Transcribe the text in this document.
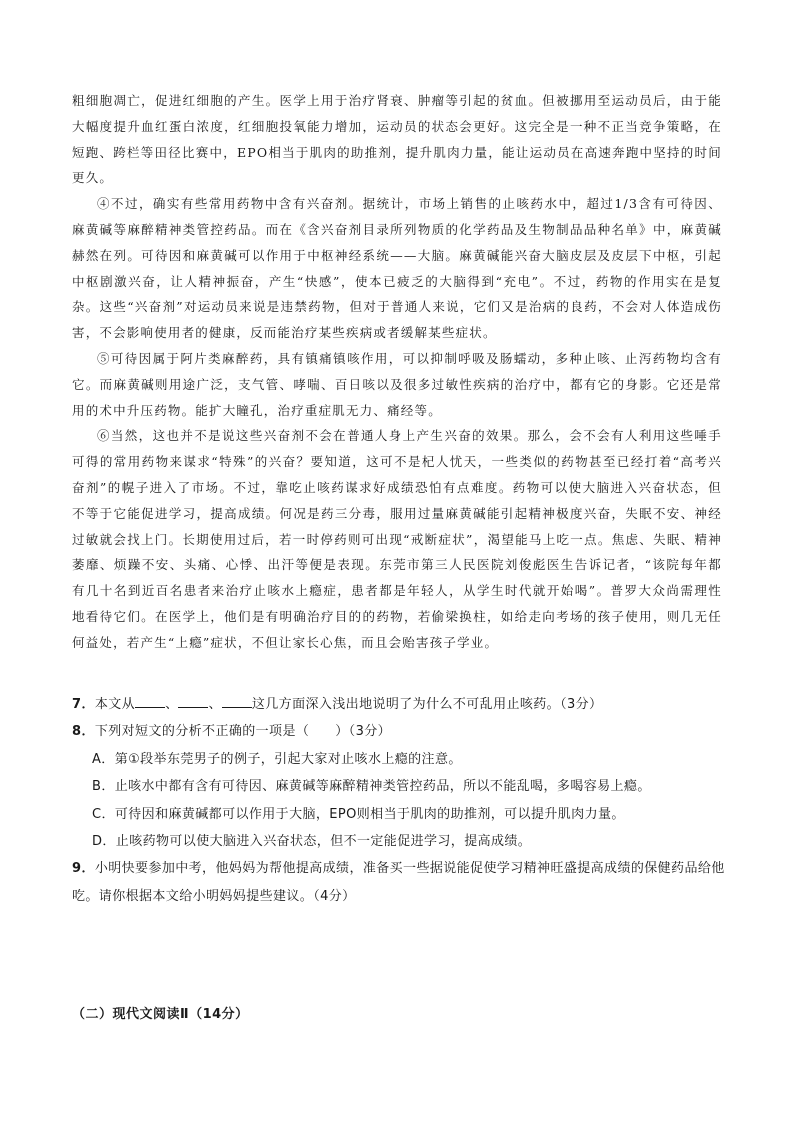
粗细胞凋亡，促进红细胞的产生。医学上用于治疗肾衰、肿瘤等引起的贫血。但被挪用至运动员后，由于能大幅度提升血红蛋白浓度，红细胞投氧能力增加，运动员的状态会更好。这完全是一种不正当竞争策略，在短跑、跨栏等田径比赛中，EPO相当于肌肉的助推剂，提升肌肉力量，能让运动员在高速奔跑中坚持的时间更久。

④不过，确实有些常用药物中含有兴奋剂。据统计，市场上销售的止咳药水中，超过1/3含有可待因、麻黄碱等麻醉精神类管控药品。而在《含兴奋剂目录所列物质的化学药品及生物制品品种名单》中，麻黄碱赫然在列。可待因和麻黄碱可以作用于中枢神经系统——大脑。麻黄碱能兴奋大脑皮层及皮层下中枢，引起中枢剧激兴奋，让人精神振奋，产生“快感”，使本已疲乏的大脑得到“充电”。不过，药物的作用实在是复杂。这些“兴奋剂”对运动员来说是违禁药物，但对于普通人来说，它们又是治病的良药，不会对人体造成伤害，不会影响使用者的健康，反而能治疗某些疾病或者缓解某些症状。

⑤可待因属于阿片类麻醉药，具有镇痛镇咳作用，可以抑制呼吸及肠蠕动，多种止咳、止泻药物均含有它。而麻黄碱则用途广泛，支气管、哮喘、百日咳以及很多过敏性疾病的治疗中，都有它的身影。它还是常用的术中升压药物。能扩大瞳孔，治疗重症肌无力、痛经等。

⑥当然，这也并不是说这些兴奋剂不会在普通人身上产生兴奋的效果。那么，会不会有人利用这些唾手可得的常用药物来谋求“特殊”的兴奋？要知道，这可不是杞人忧天，一些类似的药物甚至已经打着“高考兴奋剂”的幌子进入了市场。不过，靠吃止咳药谋求好成绩恐怕有点难度。药物可以使大脑进入兴奋状态，但不等于它能促进学习，提高成绩。何况是药三分毒，服用过量麻黄碱能引起精神极度兴奋，失眠不安、神经过敏就会找上门。长期使用过后，若一时停药则可出现“戒断症状”，渴望能马上吃一点。焦虑、失眠、精神萎靡、烦躁不安、头痛、心悸、出汗等便是表现。东莞市第三人民医院刘俊彪医生告诉记者，“该院每年都有几十名到近百名患者来治疗止咳水上瘾症，患者都是年轻人，从学生时代就开始喝”。普罗大众尚需理性地看待它们。在医学上，他们是有明确治疗目的的药物，若偷梁换柱，如给走向考场的孩子使用，则几无任何益处，若产生“上瘾”症状，不但让家长心焦，而且会贻害孩子学业。

7．本文从 、 、 这几方面深入浅出地说明了为什么不可乱用止咳药。（3分）

8．下列对短文的分析不正确的一项是（ ）（3分）

A．第①段举东莞男子的例子，引起大家对止咳水上瘾的注意。

B．止咳水中都有含有可待因、麻黄碱等麻醉精神类管控药品，所以不能乱喝，多喝容易上瘾。

C．可待因和麻黄碱都可以作用于大脑，EPO则相当于肌肉的助推剂，可以提升肌肉力量。

D．止咳药物可以使大脑进入兴奋状态，但不一定能促进学习，提高成绩。

9．小明快要参加中考，他妈妈为帮他提高成绩，准备买一些据说能促使学习精神旺盛提高成绩的保健药品给他吃。请你根据本文给小明妈妈提些建议。（4分）

（二）现代文阅读Ⅱ（14分）
